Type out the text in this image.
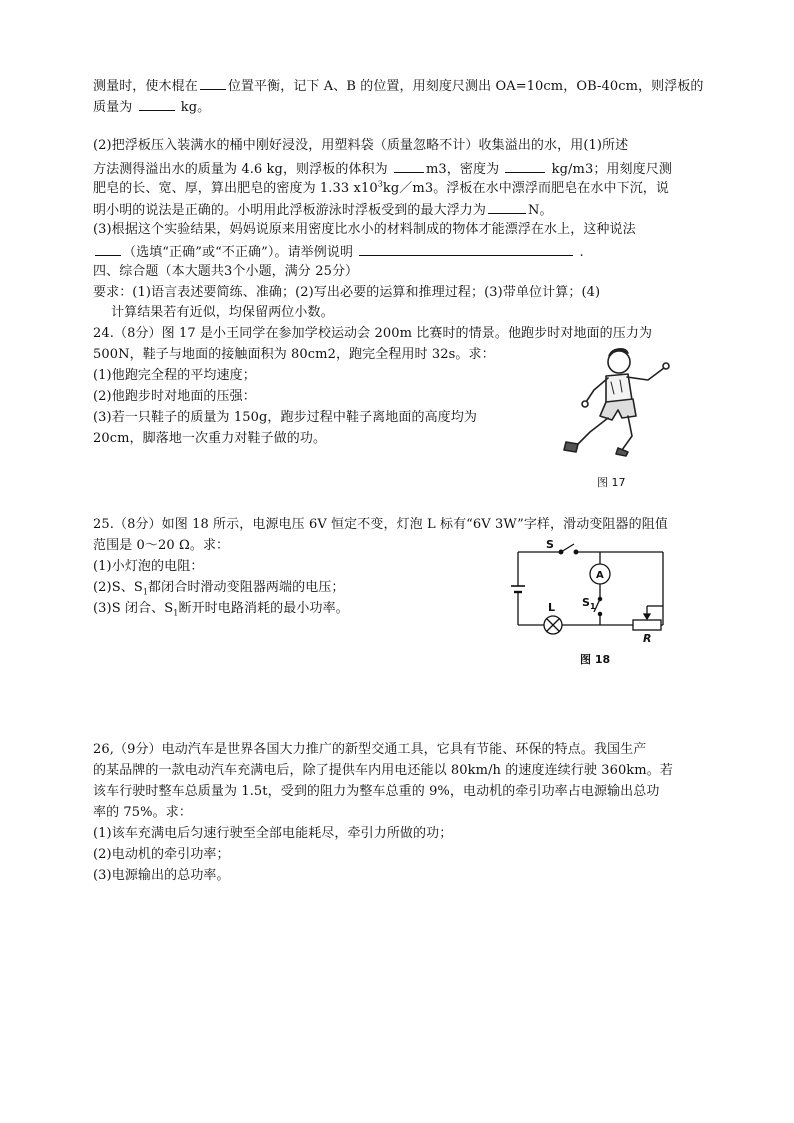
测量时，使木棍在 位置平衡，记下 A、B 的位置，用刻度尺测出 OA=10cm，OB-40cm，则浮板的
质量为	kg。
(2)把浮板压入装满水的桶中刚好浸没，用塑料袋（质量忽略不计）收集溢出的水，用(1)所述
方法测得溢出水的质量为 4.6 kg，则浮板的体积为	m3，密度为	kg/m3；用刻度尺测
肥皂的长、宽、厚，算出肥皂的密度为 1.33 $x10^3kg/m3$。浮板在水中漂浮而肥皂在水中下沉，说
明小明的说法是正确的。小明用此浮板游泳时浮板受到的最大浮力为	N。
(3)根据这个实验结果，妈妈说原来用密度比水小的材料制成的物体才能漂浮在水上，这种说法
（选填“正确”或“不正确”）。请举例说明	.
四、综合题（本大题共3个小题，满分 25分）
要求：(1)语言表述要简练、准确；(2)写出必要的运算和推理过程；(3)带单位计算；(4)
计算结果若有近似，均保留两位小数。
24.（8分）图 17 是小王同学在参加学校运动会 200m 比赛时的情景。他跑步时对地面的压力为
500N，鞋子与地面的接触面积为 80cm2，跑完全程用时 32s。求：
(1)他跑完全程的平均速度；
(2)他跑步时对地面的压强：
(3)若一只鞋子的质量为 150g，跑步过程中鞋子离地面的高度均为
20cm，脚落地一次重力对鞋子做的功。
图 17
25.（8分）如图 18 所示，电源电压 6V 恒定不变，灯泡 L 标有“6V 3W”字样，滑动变阻器的阻值
范围是 0～20 Ω。求：
(1)小灯泡的电阻：
(2)S、$S_1$都闭合时滑动变阻器两端的电压；
(3)S 闭合、$S_1$断开时电路消耗的最小功率。
S
A
$S_1$
L
R
图 18
26,（9分）电动汽车是世界各国大力推广的新型交通工具，它具有节能、环保的特点。我国生产
的某品牌的一款电动汽车充满电后，除了提供车内用电还能以 80km/h 的速度连续行驶 360km。若
该车行驶时整车总质量为 1.5t，受到的阻力为整车总重的 9%，电动机的牵引功率占电源输出总功
率的 75%。求：
(1)该车充满电后匀速行驶至全部电能耗尽，牵引力所做的功；
(2)电动机的牵引功率；
(3)电源输出的总功率。
